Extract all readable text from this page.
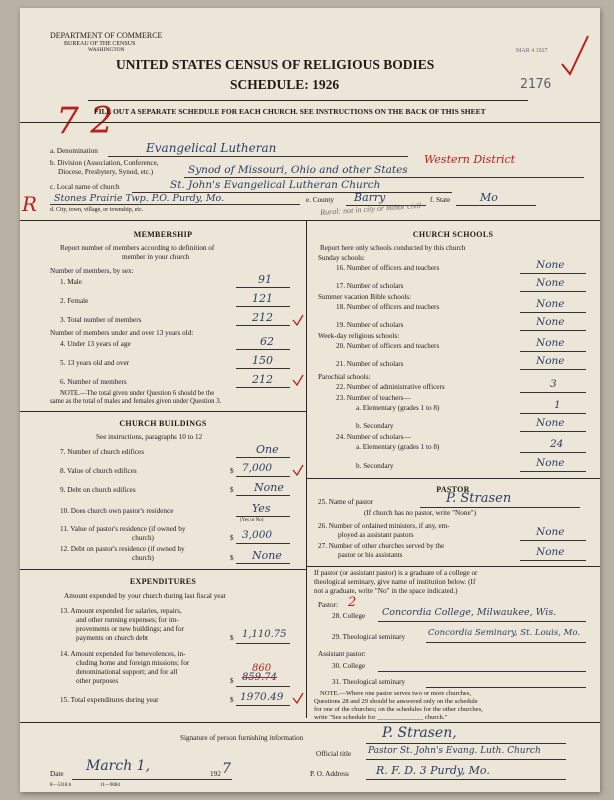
DEPARTMENT OF COMMERCE
BUREAU OF THE CENSUS
WASHINGTON
UNITED STATES CENSUS OF RELIGIOUS BODIES
SCHEDULE: 1926
MAR 4 1927
2176
7 2
FILL OUT A SEPARATE SCHEDULE FOR EACH CHURCH. SEE INSTRUCTIONS ON THE BACK OF THIS SHEET
a. Denomination	Evangelical Lutheran
b. Division (Association, Conference,
Diocese, Presbytery, Synod, etc.)	Synod of Missouri, Ohio and other States
Western District
c. Local name of church	St. John's Evangelical Lutheran Church
R Stones Prairie Twp. P.O. Purdy, Mo.
d. City, town, village, or township, etc.
e. County Barry	f. State	Mo
Rural: not in city or minor civil
MEMBERSHIP
Report number of members according to definition of
member in your church
Number of members, by sex:
1. Male	91
2. Female	121
3. Total number of members	212
Number of members under and over 13 years old:
4. Under 13 years of age	62
5. 13 years old and over	150
6. Number of members	212
NOTE.—The total given under Question 6 should be the
same as the total of males and females given under Question 3.
CHURCH BUILDINGS
See instructions, paragraphs 10 to 12
7. Number of church edifices	One
8. Value of church edifices	$ 7,000
9. Debt on church edifices	$ None
10. Does church own pastor's residence	Yes
(Yes or No)
11. Value of pastor's residence (if owned by
church)	$ 3,000
12. Debt on pastor's residence (if owned by
church)	$ None
EXPENDITURES
Amount expended by your church during last fiscal year
13. Amount expended for salaries, repairs,
and other running expenses; for im-
provements or new buildings; and for
payments on church debt	$ 1,110.75
14. Amount expended for benevolences, in-
cluding home and foreign missions; for
denominational support; and for all
other purposes
860
$ 859.74
15. Total expenditures during year	$ 1970.49
CHURCH SCHOOLS
Report here only schools conducted by this church
Sunday schools:
16. Number of officers and teachers	None
17. Number of scholars	None
Summer vacation Bible schools:
18. Number of officers and teachers	None
19. Number of scholars	None
Week-day religious schools:
20. Number of officers and teachers	None
21. Number of scholars	None
Parochial schools:
22. Number of administrative officers	3
23. Number of teachers—
a. Elementary (grades 1 to 8)	1
b. Secondary	None
24. Number of scholars—
a. Elementary (grades 1 to 8)	24
b. Secondary	None
PASTOR
25. Name of pastor	P. Strasen
(If church has no pastor, write "None")
26. Number of ordained ministers, if any, em-
ployed as assistant pastors	None
27. Number of other churches served by the
pastor or his assistants	None
If pastor (or assistant pastor) is a graduate of a college or
theological seminary, give name of institution below. (If
not a graduate, write "No" in the space indicated.)
Pastor: 2
28. College Concordia College, Milwaukee, Wis.
29. Theological seminary	Concordia Seminary, St. Louis, Mo.
Assistant pastor:
30. College
31. Theological seminary
NOTE.—Where one pastor serves two or more churches,
Questions 28 and 29 should be answered only on the schedule
for one of the churches; on the schedules for the other churches,
write "See schedule for ______________ church."
Signature of person furnishing information	P. Strasen,
Official title Pastor St. John's Evang. Luth. Church
Date March 1,	192 7	P. O. Address R. F. D. 3 Purdy, Mo.
8—5318 b	11—9084
